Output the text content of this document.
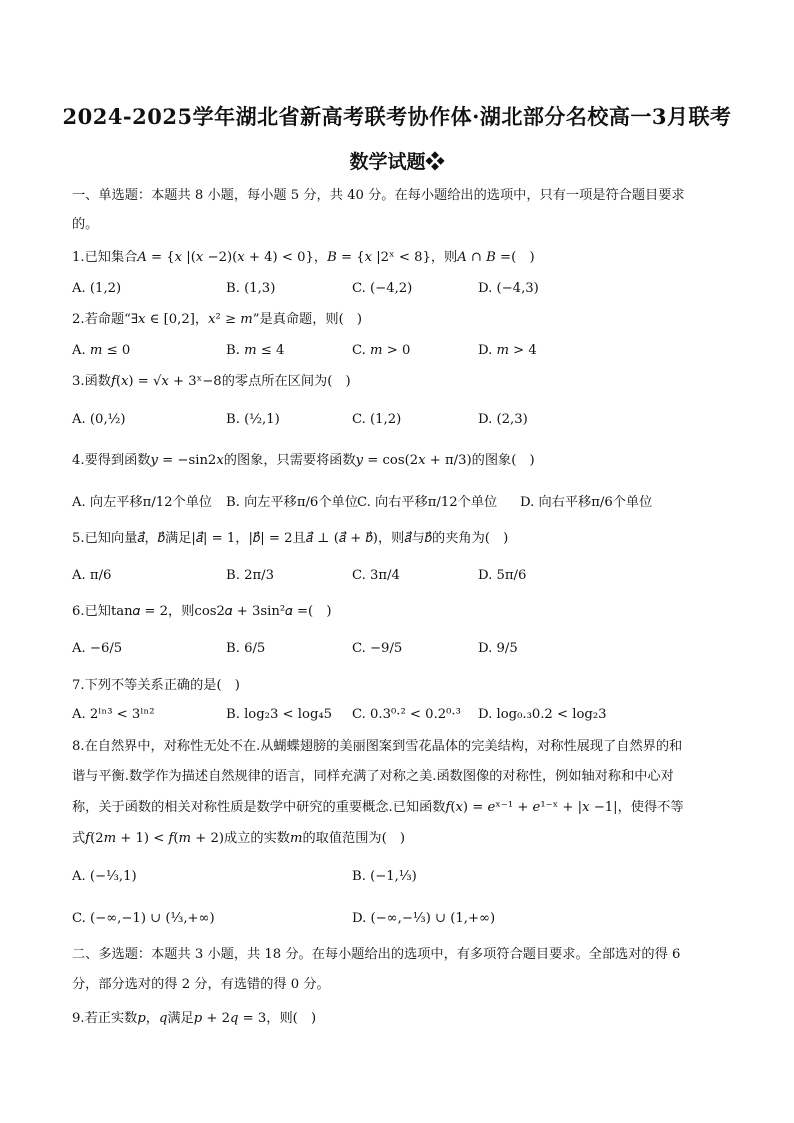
2024-2025学年湖北省新高考联考协作体·湖北部分名校高一3月联考
数学试题❖
一、单选题：本题共 8 小题，每小题 5 分，共 40 分。在每小题给出的选项中，只有一项是符合题目要求
的。
1.已知集合𝐴 = {𝑥 |(𝑥 −2)(𝑥 + 4) < 0}，𝐵 = {𝑥 |2ˣ < 8}，则𝐴 ∩ 𝐵 =(　)
A. (1,2)	B. (1,3)	C. (−4,2)	D. (−4,3)
2.若命题“∃𝑥 ∈ [0,2]，𝑥² ≥ 𝑚”是真命题，则(　)
A. 𝑚 ≤ 0	B. 𝑚 ≤ 4	C. 𝑚 > 0	D. 𝑚 > 4
3.函数𝑓(𝑥) = √𝑥 + 3ˣ−8的零点所在区间为(　)
A. (0,½)	B. (½,1)	C. (1,2)	D. (2,3)
4.要得到函数𝑦 = −sin2𝑥的图象，只需要将函数𝑦 = cos(2𝑥 + π/3)的图象(　)
A. 向左平移π/12个单位 B. 向左平移π/6个单位 C. 向右平移π/12个单位 D. 向右平移π/6个单位
5.已知向量𝑎⃗，𝑏⃗满足|𝑎⃗| = 1，|𝑏⃗| = 2且𝑎⃗ ⊥ (𝑎⃗ + 𝑏⃗)，则𝑎⃗与𝑏⃗的夹角为(　)
A. π/6	B. 2π/3	C. 3π/4	D. 5π/6
6.已知tan𝛼 = 2，则cos2𝛼 + 3sin²𝛼 =(　)
A. −6/5	B. 6/5	C. −9/5	D. 9/5
7.下列不等关系正确的是(　)
A. 2ˡⁿ³ < 3ˡⁿ²	B. log₂3 < log₄5 C. 0.3⁰·² < 0.2⁰·³ D. log₀.₃0.2 < log₂3
8.在自然界中，对称性无处不在.从蝴蝶翅膀的美丽图案到雪花晶体的完美结构，对称性展现了自然界的和
谐与平衡.数学作为描述自然规律的语言，同样充满了对称之美.函数图像的对称性，例如轴对称和中心对
称，关于函数的相关对称性质是数学中研究的重要概念.已知函数𝑓(𝑥) = 𝑒ˣ⁻¹ + 𝑒¹⁻ˣ + |𝑥 −1|，使得不等
式𝑓(2𝑚 + 1) < 𝑓(𝑚 + 2)成立的实数𝑚的取值范围为(　)
A. (−⅓,1)	B. (−1,⅓)
C. (−∞,−1) ∪ (⅓,+∞)	D. (−∞,−⅓) ∪ (1,+∞)
二、多选题：本题共 3 小题，共 18 分。在每小题给出的选项中，有多项符合题目要求。全部选对的得 6
分，部分选对的得 2 分，有选错的得 0 分。
9.若正实数𝑝，𝑞满足𝑝 + 2𝑞 = 3，则(　)
